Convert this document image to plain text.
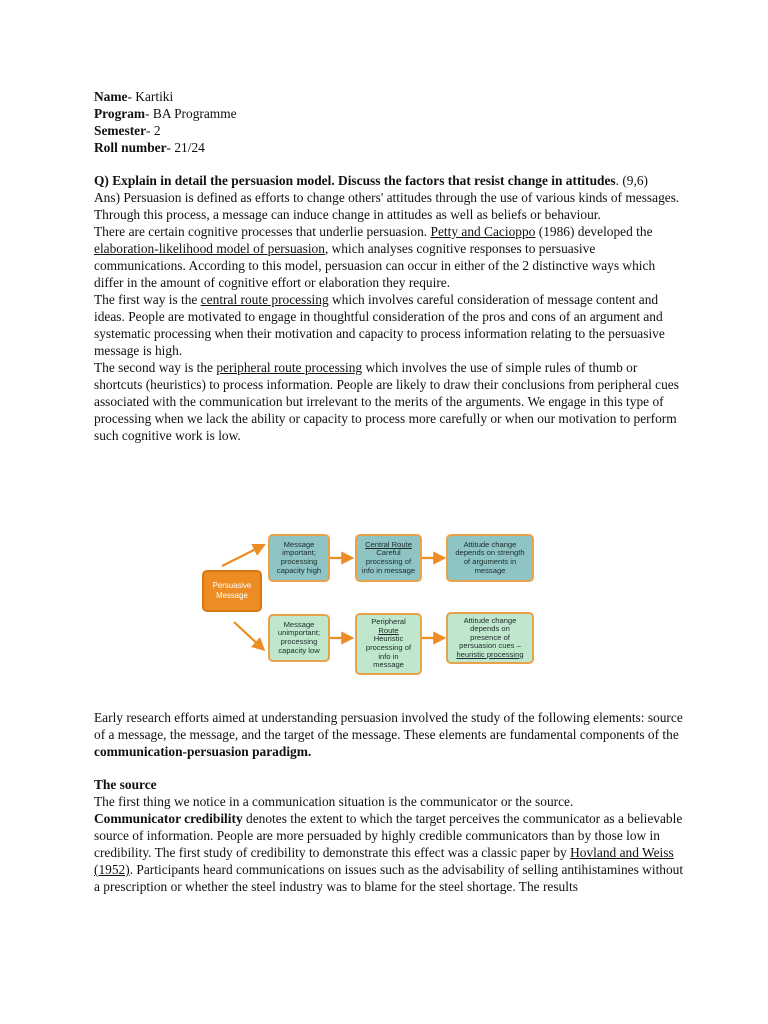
Name- Kartiki

Program- BA Programme

Semester- 2

Roll number- 21/24

Q) Explain in detail the persuasion model. Discuss the factors that resist change in attitudes. (9,6)

Ans) Persuasion is defined as efforts to change others' attitudes through the use of various kinds of messages. Through this process, a message can induce change in attitudes as well as beliefs or behaviour.

There are certain cognitive processes that underlie persuasion. Petty and Cacioppo (1986) developed the elaboration-likelihood model of persuasion, which analyses cognitive responses to persuasive communications. According to this model, persuasion can occur in either of the 2 distinctive ways which differ in the amount of cognitive effort or elaboration they require.

The first way is the central route processing which involves careful consideration of message content and ideas. People are motivated to engage in thoughtful consideration of the pros and cons of an argument and systematic processing when their motivation and capacity to process information relating to the persuasive message is high.

The second way is the peripheral route processing which involves the use of simple rules of thumb or shortcuts (heuristics) to process information. People are likely to draw their conclusions from peripheral cues associated with the communication but irrelevant to the merits of the arguments. We engage in this type of processing when we lack the ability or capacity to process more carefully or when our motivation to perform such cognitive work is low.

Persuasive
Message
Message
important;
processing
capacity high
Central Route
Careful
processing of
info in message
Attitude change
depends on strength
of arguments in
message
Message
unimportant;
processing
capacity low
Peripheral
Route
Heuristic
processing of
info in
message
Attitude change
depends on
presence of
persuasion cues –
heuristic processing

Early research efforts aimed at understanding persuasion involved the study of the following elements: source of a message, the message, and the target of the message. These elements are fundamental components of the communication-persuasion paradigm.

The source

The first thing we notice in a communication situation is the communicator or the source.

Communicator credibility denotes the extent to which the target perceives the communicator as a believable source of information. People are more persuaded by highly credible communicators than by those low in credibility. The first study of credibility to demonstrate this effect was a classic paper by Hovland and Weiss (1952). Participants heard communications on issues such as the advisability of selling antihistamines without a prescription or whether the steel industry was to blame for the steel shortage. The results
